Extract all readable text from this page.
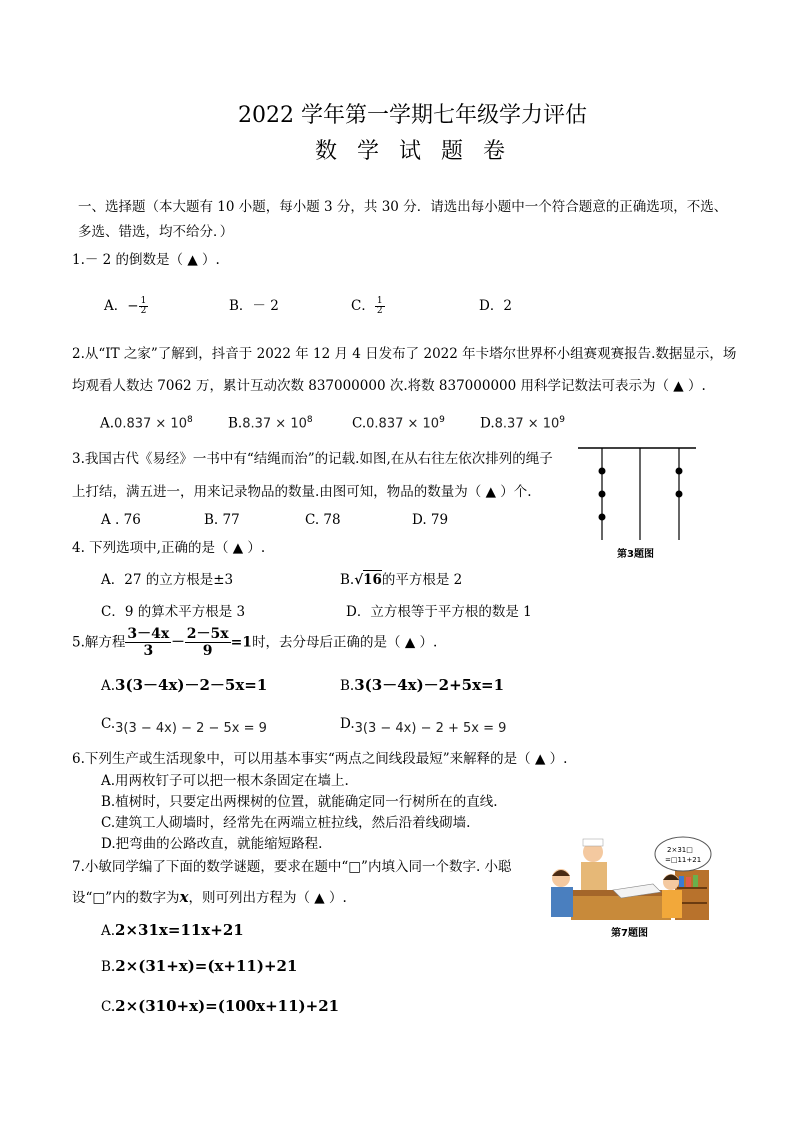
2022 学年第一学期七年级学力评估
数学试题卷
一、选择题（本大题有 10 小题，每小题 3 分，共 30 分．请选出每小题中一个符合题意的正确选项，不选、
多选、错选，均不给分．）
1.－ 2 的倒数是（ ▲ ）.
A．− $\frac{1}{2}$	B．－ 2	C． $\frac{1}{2}$	D．2
2.从“IT 之家”了解到，抖音于 2022 年 12 月 4 日发布了 2022 年卡塔尔世界杯小组赛观赛报告.数据显示，场
均观看人数达 7062 万，累计互动次数 837000000 次.将数 837000000 用科学记数法可表示为（ ▲ ）.
$A.0.837 \times 10^8$	$B.8.37 \times 10^8$	$C.0.837 \times 10^9$	$D.8.37 \times 10^9$
3.我国古代《易经》一书中有“结绳而治”的记载.如图,在从右往左依次排列的绳子
上打结，满五进一，用来记录物品的数量.由图可知，物品的数量为（ ▲ ）个.
A . 76	B. 77	C. 78	D. 79
第3题图
4. 下列选项中,正确的是（ ▲ ）.
A．27 的立方根是±3	B.√16的平方根是 2
C．9 的算术平方根是 3	D．立方根等于平方根的数是 1
5.解方程 $\frac{3-4x}{3} - \frac{2-5x}{9} =1$时，去分母后正确的是（ ▲ ）.
A.3(3－4x)－2－5x=1	B.3(3－4x)－2+5x=1
C.3(3 − 4x) − 2 − 5x = 9	D.3(3 − 4x) − 2 + 5x = 9
6.下列生产或生活现象中，可以用基本事实“两点之间线段最短”来解释的是（ ▲ ）.
A.用两枚钉子可以把一根木条固定在墙上.
B.植树时，只要定出两棵树的位置，就能确定同一行树所在的直线.
C.建筑工人砌墙时，经常先在两端立桩拉线，然后沿着线砌墙.
D.把弯曲的公路改直，就能缩短路程.
7.小敏同学编了下面的数学谜题，要求在题中“□”内填入同一个数字. 小聪
设“□”内的数字为x，则可列出方程为（ ▲ ）.
A.2×31x=11x+21
B.2×(31+x)=(x+11)+21
C.2×(310+x)=(100x+11)+21
2×31□
=□11+21
第7题图
